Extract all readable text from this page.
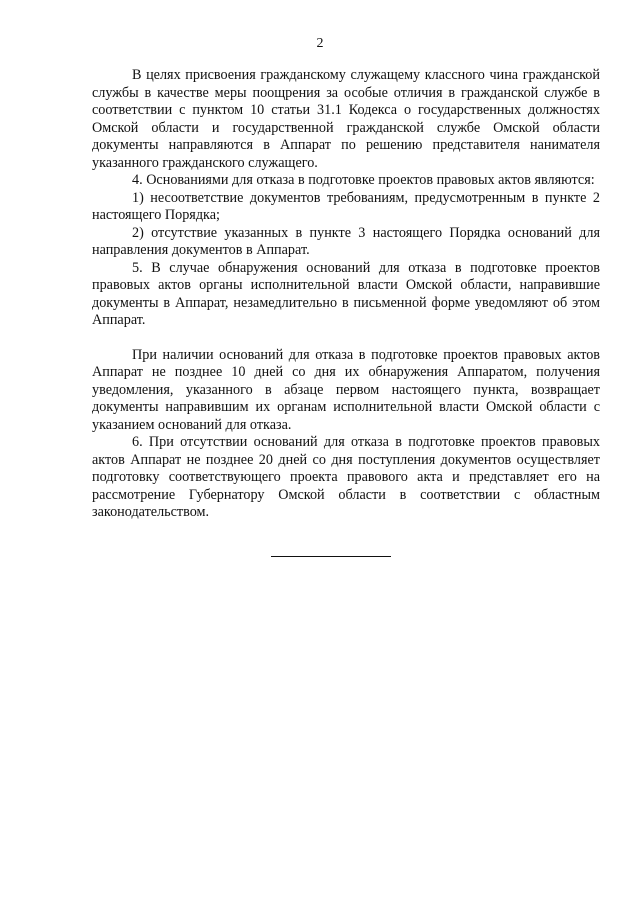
2

В целях присвоения гражданскому служащему классного чина гражданской службы в качестве меры поощрения за особые отличия в гражданской службе в соответствии с пунктом 10 статьи 31.1 Кодекса о государственных должностях Омской области и государственной гражданской службе Омской области документы направляются в Аппарат по решению представителя нанимателя указанного гражданского служащего.

4. Основаниями для отказа в подготовке проектов правовых актов являются:

1) несоответствие документов требованиям, предусмотренным в пункте 2 настоящего Порядка;

2) отсутствие указанных в пункте 3 настоящего Порядка оснований для направления документов в Аппарат.

5. В случае обнаружения оснований для отказа в подготовке проектов правовых актов органы исполнительной власти Омской области, направившие документы в Аппарат, незамедлительно в письменной форме уведомляют об этом Аппарат.

При наличии оснований для отказа в подготовке проектов правовых актов Аппарат не позднее 10 дней со дня их обнаружения Аппаратом, получения уведомления, указанного в абзаце первом настоящего пункта, возвращает документы направившим их органам исполнительной власти Омской области с указанием оснований для отказа.

6. При отсутствии оснований для отказа в подготовке проектов правовых актов Аппарат не позднее 20 дней со дня поступления документов осуществляет подготовку соответствующего проекта правового акта и представляет его на рассмотрение Губернатору Омской области в соответствии с областным законодательством.
